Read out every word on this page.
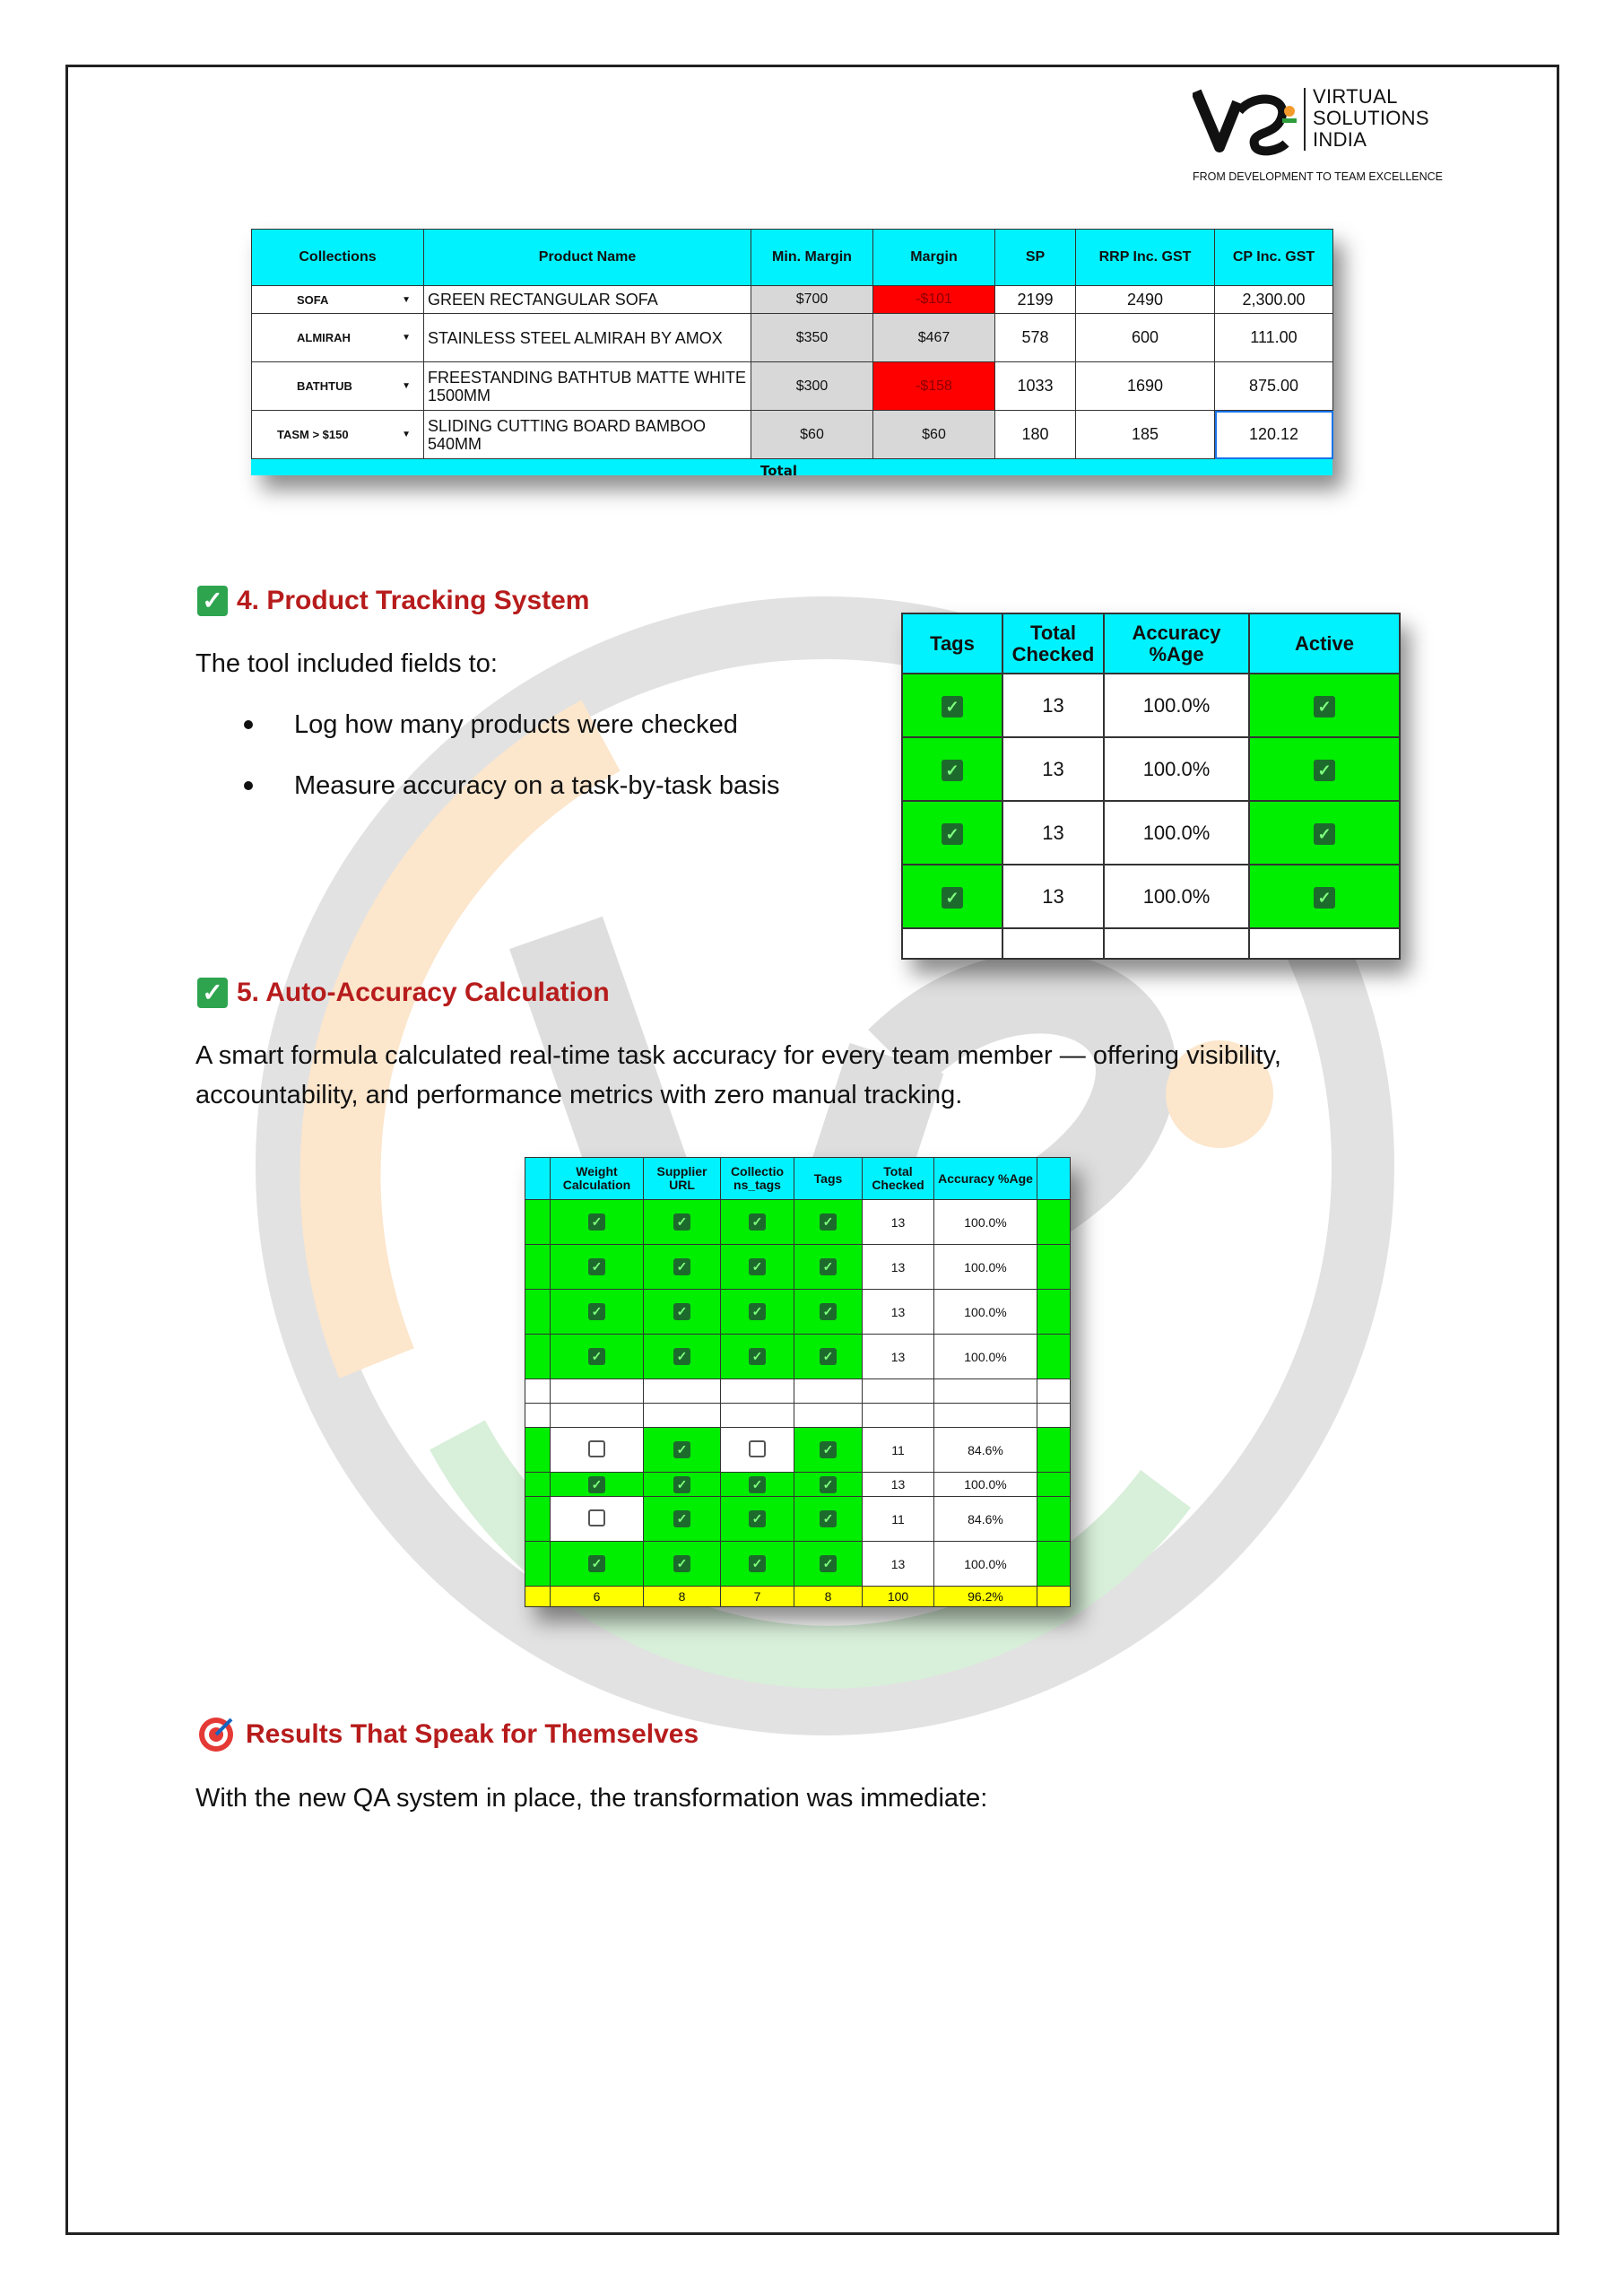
VIRTUAL
SOLUTIONS
INDIA
FROM DEVELOPMENT TO TEAM EXCELLENCE
Collections	Product Name	Min. Margin	Margin	SP	RRP Inc. GST	CP Inc. GST

SOFA ▼	GREEN RECTANGULAR SOFA	$700	-$101	2199	2490	2,300.00

ALMIRAH ▼	STAINLESS STEEL ALMIRAH BY AMOX	$350	$467	578	600	111.00

BATHTUB ▼	FREESTANDING BATHTUB MATTE WHITE 1500MM	$300	-$158	1033	1690	875.00

TASM > $150 ▼	SLIDING CUTTING BOARD BAMBOO 540MM	$60	$60	180	185	120.12
Total
✓ 4. Product Tracking System
The tool included fields to:
Log how many products were checked
Measure accuracy on a task-by-task basis
Tags	Total Checked	Accuracy %Age	Active
✓	13	100.0%	✓
✓	13	100.0%	✓
✓	13	100.0%	✓
✓	13	100.0%	✓

✓ 5. Auto-Accuracy Calculation
A smart formula calculated real-time task accuracy for every team member — offering visibility, accountability, and performance metrics with zero manual tracking.
	Weight Calculation	Supplier URL	Collectio ns_tags	Tags	Total Checked	Accuracy %Age	
	✓	✓	✓	✓	13	100.0%	
	✓	✓	✓	✓	13	100.0%	
	✓	✓	✓	✓	13	100.0%	
	✓	✓	✓	✓	13	100.0%	

		✓		✓	11	84.6%	
	✓	✓	✓	✓	13	100.0%	
		✓	✓	✓	11	84.6%	
	✓	✓	✓	✓	13	100.0%	
	6	8	7	8	100	96.2%	
Results That Speak for Themselves
With the new QA system in place, the transformation was immediate:
